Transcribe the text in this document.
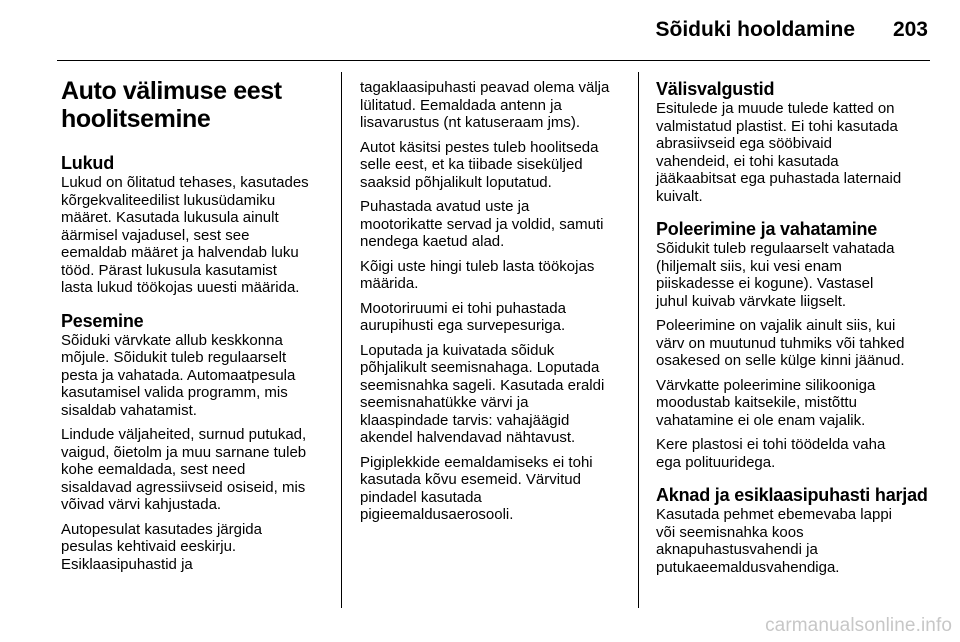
Sõiduki hooldamine	203
Auto välimuse eest
hoolitsemine
Lukud
Lukud on õlitatud tehases, kasutades
kõrgekvaliteedilist lukusüdamiku
määret. Kasutada lukusula ainult
äärmisel vajadusel, sest see
eemaldab määret ja halvendab luku
tööd. Pärast lukusula kasutamist
lasta lukud töökojas uuesti määrida.
Pesemine
Sõiduki värvkate allub keskkonna
mõjule. Sõidukit tuleb regulaarselt
pesta ja vahatada. Automaatpesula
kasutamisel valida programm, mis
sisaldab vahatamist.
Lindude väljaheited, surnud putukad,
vaigud, õietolm ja muu sarnane tuleb
kohe eemaldada, sest need
sisaldavad agressiivseid osiseid, mis
võivad värvi kahjustada.
Autopesulat kasutades järgida
pesulas kehtivaid eeskirju.
Esiklaasipuhastid ja
tagaklaasipuhasti peavad olema välja
lülitatud. Eemaldada antenn ja
lisavarustus (nt katuseraam jms).
Autot käsitsi pestes tuleb hoolitseda
selle eest, et ka tiibade siseküljed
saaksid põhjalikult loputatud.
Puhastada avatud uste ja
mootorikatte servad ja voldid, samuti
nendega kaetud alad.
Kõigi uste hingi tuleb lasta töökojas
määrida.
Mootoriruumi ei tohi puhastada
aurupihusti ega survepesuriga.
Loputada ja kuivatada sõiduk
põhjalikult seemisnahaga. Loputada
seemisnahka sageli. Kasutada eraldi
seemisnahatükke värvi ja
klaaspindade tarvis: vahajäägid
akendel halvendavad nähtavust.
Pigiplekkide eemaldamiseks ei tohi
kasutada kõvu esemeid. Värvitud
pindadel kasutada
pigieemaldusaerosooli.
Välisvalgustid
Esitulede ja muude tulede katted on
valmistatud plastist. Ei tohi kasutada
abrasiivseid ega sööbivaid
vahendeid, ei tohi kasutada
jääkaabitsat ega puhastada laternaid
kuivalt.
Poleerimine ja vahatamine
Sõidukit tuleb regulaarselt vahatada
(hiljemalt siis, kui vesi enam
piiskadesse ei kogune). Vastasel
juhul kuivab värvkate liigselt.
Poleerimine on vajalik ainult siis, kui
värv on muutunud tuhmiks või tahked
osakesed on selle külge kinni jäänud.
Värvkatte poleerimine silikooniga
moodustab kaitsekile, mistõttu
vahatamine ei ole enam vajalik.
Kere plastosi ei tohi töödelda vaha
ega polituuridega.
Aknad ja esiklaasipuhasti harjad
Kasutada pehmet ebemevaba lappi
või seemisnahka koos
aknapuhastusvahendi ja
putukaeemaldusvahendiga.
carmanualsonline.info
